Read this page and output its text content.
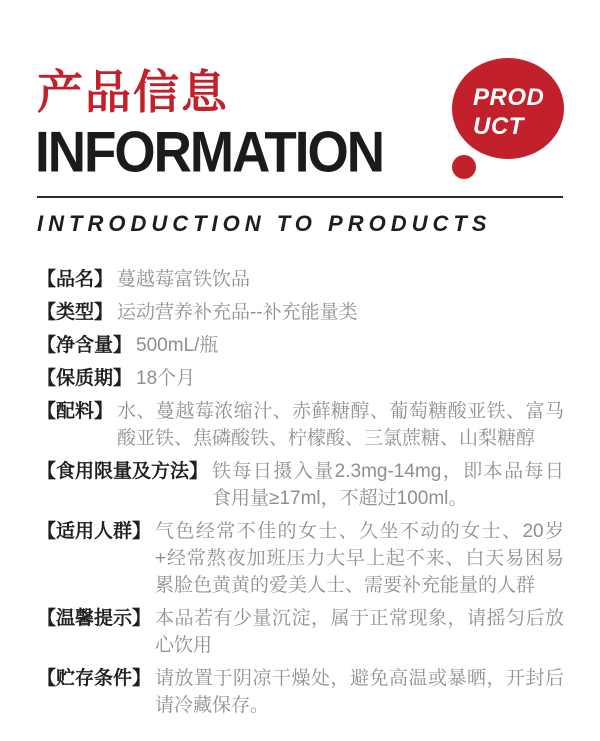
产品信息
INFORMATION
PROD
UCT
INTRODUCTION TO PRODUCTS
【品名】 蔓越莓富铁饮品
【类型】 运动营养补充品--补充能量类
【净含量】 500mL/瓶
【保质期】 18个月
【配料】 水、蔓越莓浓缩汁、赤藓糖醇、葡萄糖酸亚铁、富马酸亚铁、焦磷酸铁、柠檬酸、三氯蔗糖、山梨糖醇
【食用限量及方法】 铁每日摄入量2.3mg-14mg，即本品每日食用量≥17ml，不超过100ml。
【适用人群】 气色经常不佳的女士、久坐不动的女士、20岁+经常熬夜加班压力大早上起不来、白天易困易累脸色黄黄的爱美人士、需要补充能量的人群
【温馨提示】 本品若有少量沉淀，属于正常现象，请摇匀后放心饮用
【贮存条件】 请放置于阴凉干燥处，避免高温或暴晒，开封后请冷藏保存。
